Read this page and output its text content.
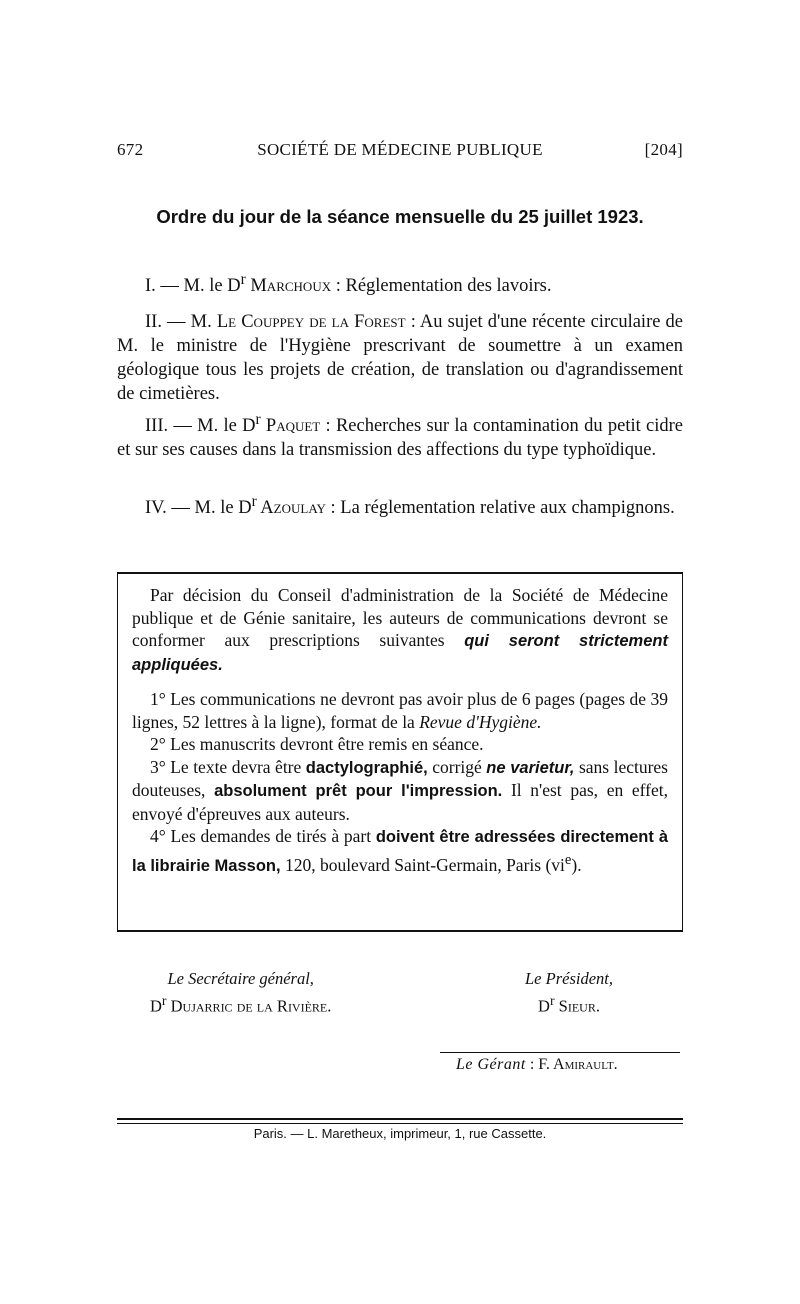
672	SOCIÉTÉ DE MÉDECINE PUBLIQUE	[204]
Ordre du jour de la séance mensuelle du 25 juillet 1923.
I. — M. le $D^r$ Marchoux : Réglementation des lavoirs.
II. — M. Le Couppey de la Forest : Au sujet d'une récente circulaire de M. le ministre de l'Hygiène prescrivant de soumettre à un examen géologique tous les projets de création, de translation ou d'agrandissement de cimetières.
III. — M. le $D^r$ Paquet : Recherches sur la contamination du petit cidre et sur ses causes dans la transmission des affections du type typhoïdique.
IV. — M. le $D^r$ Azoulay : La réglementation relative aux champignons.

Par décision du Conseil d'administration de la Société de Médecine publique et de Génie sanitaire, les auteurs de communications devront se conformer aux prescriptions suivantes qui seront strictement appliquées.

1° Les communications ne devront pas avoir plus de 6 pages (pages de 39 lignes, 52 lettres à la ligne), format de la Revue d'Hygiène.

2° Les manuscrits devront être remis en séance.

3° Le texte devra être dactylographié, corrigé ne varietur, sans lectures douteuses, absolument prêt pour l'impression. Il n'est pas, en effet, envoyé d'épreuves aux auteurs.

4° Les demandes de tirés à part doivent être adressées directement à la librairie Masson, 120, boulevard Saint-Germain, Paris $(vi^e)$.

Le Secrétaire général,
$D^r$ Dujarric de la Rivière.
Le Président,
$D^r$ Sieur.
Le Gérant : F. Amirault.
Paris. — L. Maretheux, imprimeur, 1, rue Cassette.
